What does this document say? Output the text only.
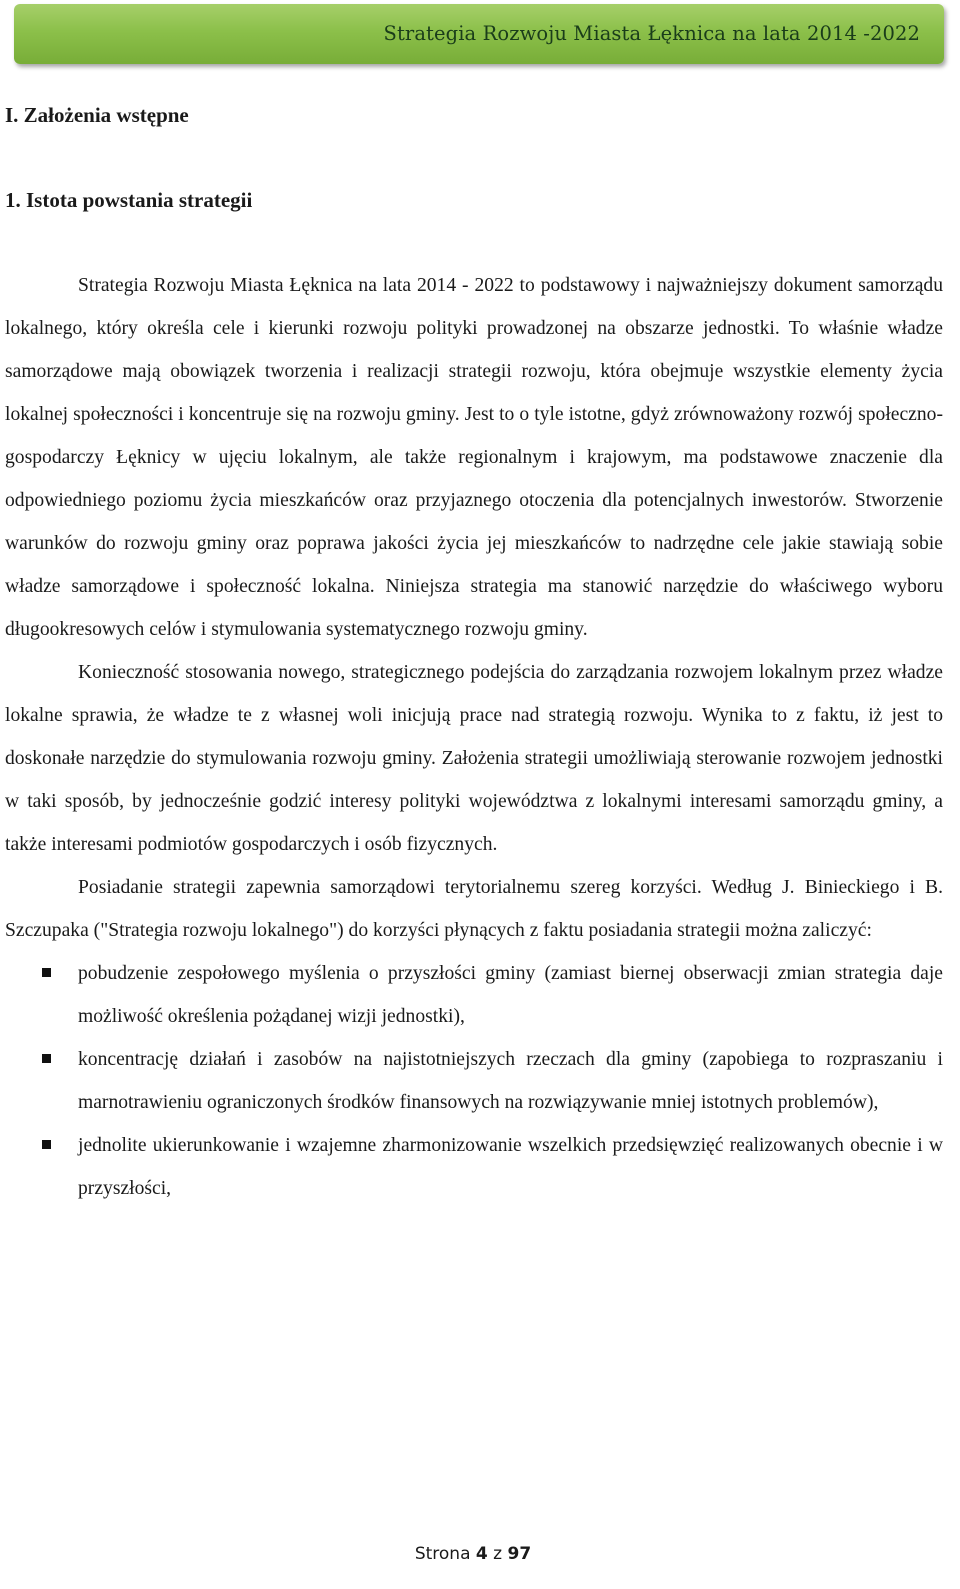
Strategia Rozwoju Miasta Łęknica na lata 2014 -2022
I. Założenia wstępne
1. Istota powstania strategii

Strategia Rozwoju Miasta Łęknica na lata 2014 - 2022 to podstawowy i najważniejszy dokument samorządu lokalnego, który określa cele i kierunki rozwoju polityki prowadzonej na obszarze jednostki. To właśnie władze samorządowe mają obowiązek tworzenia i realizacji strategii rozwoju, która obejmuje wszystkie elementy życia lokalnej społeczności i koncentruje się na rozwoju gminy. Jest to o tyle istotne, gdyż zrównoważony rozwój społeczno-gospodarczy Łęknicy w ujęciu lokalnym, ale także regionalnym i krajowym, ma podstawowe znaczenie dla odpowiedniego poziomu życia mieszkańców oraz przyjaznego otoczenia dla potencjalnych inwestorów. Stworzenie warunków do rozwoju gminy oraz poprawa jakości życia jej mieszkańców to nadrzędne cele jakie stawiają sobie władze samorządowe i społeczność lokalna. Niniejsza strategia ma stanowić narzędzie do właściwego wyboru długookresowych celów i stymulowania systematycznego rozwoju gminy.

Konieczność stosowania nowego, strategicznego podejścia do zarządzania rozwojem lokalnym przez władze lokalne sprawia, że władze te z własnej woli inicjują prace nad strategią rozwoju. Wynika to z faktu, iż jest to doskonałe narzędzie do stymulowania rozwoju gminy. Założenia strategii umożliwiają sterowanie rozwojem jednostki w taki sposób, by jednocześnie godzić interesy polityki województwa z lokalnymi interesami samorządu gminy, a także interesami podmiotów gospodarczych i osób fizycznych.

Posiadanie strategii zapewnia samorządowi terytorialnemu szereg korzyści. Według J. Binieckiego i B. Szczupaka ("Strategia rozwoju lokalnego") do korzyści płynących z faktu posiadania strategii można zaliczyć:

pobudzenie zespołowego myślenia o przyszłości gminy (zamiast biernej obserwacji zmian strategia daje możliwość określenia pożądanej wizji jednostki),
koncentrację działań i zasobów na najistotniejszych rzeczach dla gminy (zapobiega to rozpraszaniu i marnotrawieniu ograniczonych środków finansowych na rozwiązywanie mniej istotnych problemów),
jednolite ukierunkowanie i wzajemne zharmonizowanie wszelkich przedsięwzięć realizowanych obecnie i w przyszłości,
Strona 4 z 97
